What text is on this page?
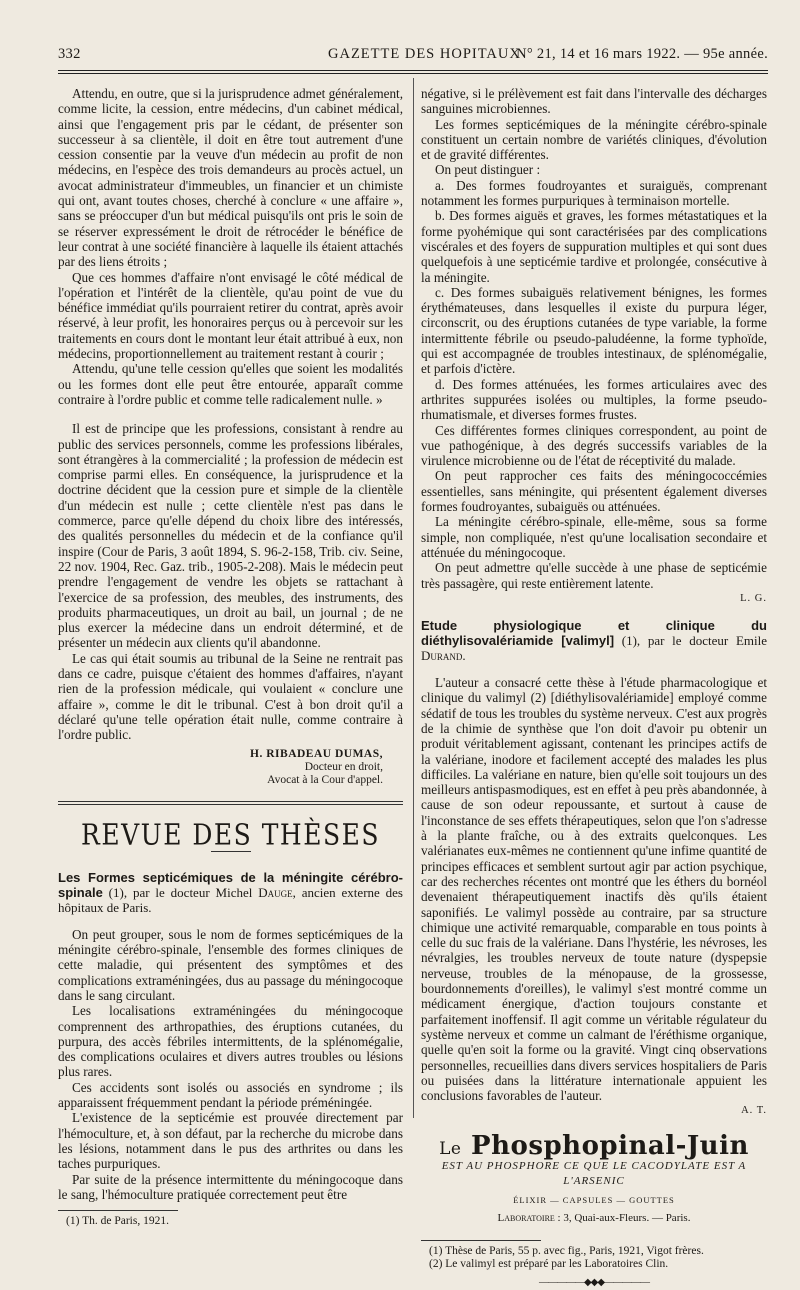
332	GAZETTE DES HOPITAUX
N° 21, 14 et 16 mars 1922. — 95e année.

Attendu, en outre, que si la jurisprudence admet généralement, comme licite, la cession, entre médecins, d'un cabinet médical, ainsi que l'engagement pris par le cédant, de présenter son successeur à sa clientèle, il doit en être tout autrement d'une cession consentie par la veuve d'un médecin au profit de non médecins, en l'espèce des trois demandeurs au procès actuel, un avocat administrateur d'immeubles, un financier et un chimiste qui ont, avant toutes choses, cherché à conclure « une affaire », sans se préoccuper d'un but médical puisqu'ils ont pris le soin de se réserver expressément le droit de rétrocéder le bénéfice de leur contrat à une société financière à laquelle ils étaient attachés par des liens étroits ;

Que ces hommes d'affaire n'ont envisagé le côté médical de l'opération et l'intérêt de la clientèle, qu'au point de vue du bénéfice immédiat qu'ils pourraient retirer du contrat, après avoir réservé, à leur profit, les honoraires perçus ou à percevoir sur les traitements en cours dont le montant leur était attribué à eux, non médecins, proportionnellement au traitement restant à courir ;

Attendu, qu'une telle cession qu'elles que soient les modalités ou les formes dont elle peut être entourée, apparaît comme contraire à l'ordre public et comme telle radicalement nulle. »

Il est de principe que les professions, consistant à rendre au public des services personnels, comme les professions libérales, sont étrangères à la commercialité ; la profession de médecin est comprise parmi elles. En conséquence, la jurisprudence et la doctrine décident que la cession pure et simple de la clientèle d'un médecin est nulle ; cette clientèle n'est pas dans le commerce, parce qu'elle dépend du choix libre des intéressés, des qualités personnelles du médecin et de la confiance qu'il inspire (Cour de Paris, 3 août 1894, S. 96-2-158, Trib. civ. Seine, 22 nov. 1904, Rec. Gaz. trib., 1905-2-208). Mais le médecin peut prendre l'engagement de vendre les objets se rattachant à l'exercice de sa profession, des meubles, des instruments, des produits pharmaceutiques, un droit au bail, un journal ; de ne plus exercer la médecine dans un endroit déterminé, et de présenter un médecin aux clients qu'il abandonne.

Le cas qui était soumis au tribunal de la Seine ne rentrait pas dans ce cadre, puisque c'étaient des hommes d'affaires, n'ayant rien de la profession médicale, qui voulaient « conclure une affaire », comme le dit le tribunal. C'est à bon droit qu'il a déclaré qu'une telle opération était nulle, comme contraire à l'ordre public.

H. RIBADEAU DUMAS,
Docteur en droit,
Avocat à la Cour d'appel.
REVUE DES THÈSES
Les Formes septicémiques de la méningite cérébro-spinale (1), par le docteur Michel Dauge, ancien externe des hôpitaux de Paris.

On peut grouper, sous le nom de formes septicémiques de la méningite cérébro-spinale, l'ensemble des formes cliniques de cette maladie, qui présentent des symptômes et des complications extraméningées, dus au passage du méningocoque dans le sang circulant.

Les localisations extraméningées du méningocoque comprennent des arthropathies, des éruptions cutanées, du purpura, des accès fébriles intermittents, de la splénomégalie, des complications oculaires et divers autres troubles ou lésions plus rares.

Ces accidents sont isolés ou associés en syndrome ; ils apparaissent fréquemment pendant la période préméningée.

L'existence de la septicémie est prouvée directement par l'hémoculture, et, à son défaut, par la recherche du microbe dans les lésions, notamment dans le pus des arthrites ou dans les taches purpuriques.

Par suite de la présence intermittente du méningocoque dans le sang, l'hémoculture pratiquée correctement peut être

(1) Th. de Paris, 1921.

négative, si le prélèvement est fait dans l'intervalle des décharges sanguines microbiennes.

Les formes septicémiques de la méningite cérébro-spinale constituent un certain nombre de variétés cliniques, d'évolution et de gravité différentes.

On peut distinguer :

a. Des formes foudroyantes et suraiguës, comprenant notamment les formes purpuriques à terminaison mortelle.

b. Des formes aiguës et graves, les formes métastatiques et la forme pyohémique qui sont caractérisées par des complications viscérales et des foyers de suppuration multiples et qui sont dues quelquefois à une septicémie tardive et prolongée, consécutive à la méningite.

c. Des formes subaiguës relativement bénignes, les formes érythémateuses, dans lesquelles il existe du purpura léger, circonscrit, ou des éruptions cutanées de type variable, la forme intermittente fébrile ou pseudo-paludéenne, la forme typhoïde, qui est accompagnée de troubles intestinaux, de splénomégalie, et parfois d'ictère.

d. Des formes atténuées, les formes articulaires avec des arthrites suppurées isolées ou multiples, la forme pseudo-rhumatismale, et diverses formes frustes.

Ces différentes formes cliniques correspondent, au point de vue pathogénique, à des degrés successifs variables de la virulence microbienne ou de l'état de réceptivité du malade.

On peut rapprocher ces faits des méningococcémies essentielles, sans méningite, qui présentent également diverses formes foudroyantes, subaiguës ou atténuées.

La méningite cérébro-spinale, elle-même, sous sa forme simple, non compliquée, n'est qu'une localisation secondaire et atténuée du méningocoque.

On peut admettre qu'elle succède à une phase de septicémie très passagère, qui reste entièrement latente.

L. G.
Etude physiologique et clinique du diéthylisovalériamide [valimyl] (1), par le docteur Emile Durand.

L'auteur a consacré cette thèse à l'étude pharmacologique et clinique du valimyl (2) [diéthylisovalériamide] employé comme sédatif de tous les troubles du système nerveux. C'est aux progrès de la chimie de synthèse que l'on doit d'avoir pu obtenir un produit véritablement agissant, contenant les principes actifs de la valériane, inodore et facilement accepté des malades les plus difficiles. La valériane en nature, bien qu'elle soit toujours un des meilleurs antispasmodiques, est en effet à peu près abandonnée, à cause de son odeur repoussante, et surtout à cause de l'inconstance de ses effets thérapeutiques, selon que l'on s'adresse à la plante fraîche, ou à des extraits quelconques. Les valérianates eux-mêmes ne contiennent qu'une infime quantité de principes efficaces et semblent surtout agir par action psychique, car des recherches récentes ont montré que les éthers du bornéol devenaient thérapeutiquement inactifs dès qu'ils étaient saponifiés. Le valimyl possède au contraire, par sa structure chimique une activité remarquable, comparable en tous points à celle du suc frais de la valériane. Dans l'hystérie, les névroses, les névralgies, les troubles nerveux de toute nature (dyspepsie nerveuse, troubles de la ménopause, de la grossesse, bourdonnements d'oreilles), le valimyl s'est montré comme un médicament énergique, d'action toujours constante et parfaitement inoffensif. Il agit comme un véritable régulateur du système nerveux et comme un calmant de l'éréthisme organique, quelle qu'en soit la forme ou la gravité. Vingt cinq observations personnelles, recueillies dans divers services hospitaliers de Paris ou puisées dans la littérature internationale appuient les conclusions favorables de l'auteur.

A. T.
Le Phosphopinal-Juin
EST AU PHOSPHORE CE QUE LE CACODYLATE EST A L'ARSENIC
ÉLIXIR — CAPSULES — GOUTTES
Laboratoire : 3, Quai-aux-Fleurs. — Paris.

(1) Thèse de Paris, 55 p. avec fig., Paris, 1921, Vigot frères.

(2) Le valimyl est préparé par les Laboratoires Clin.

—————◆◆◆—————
